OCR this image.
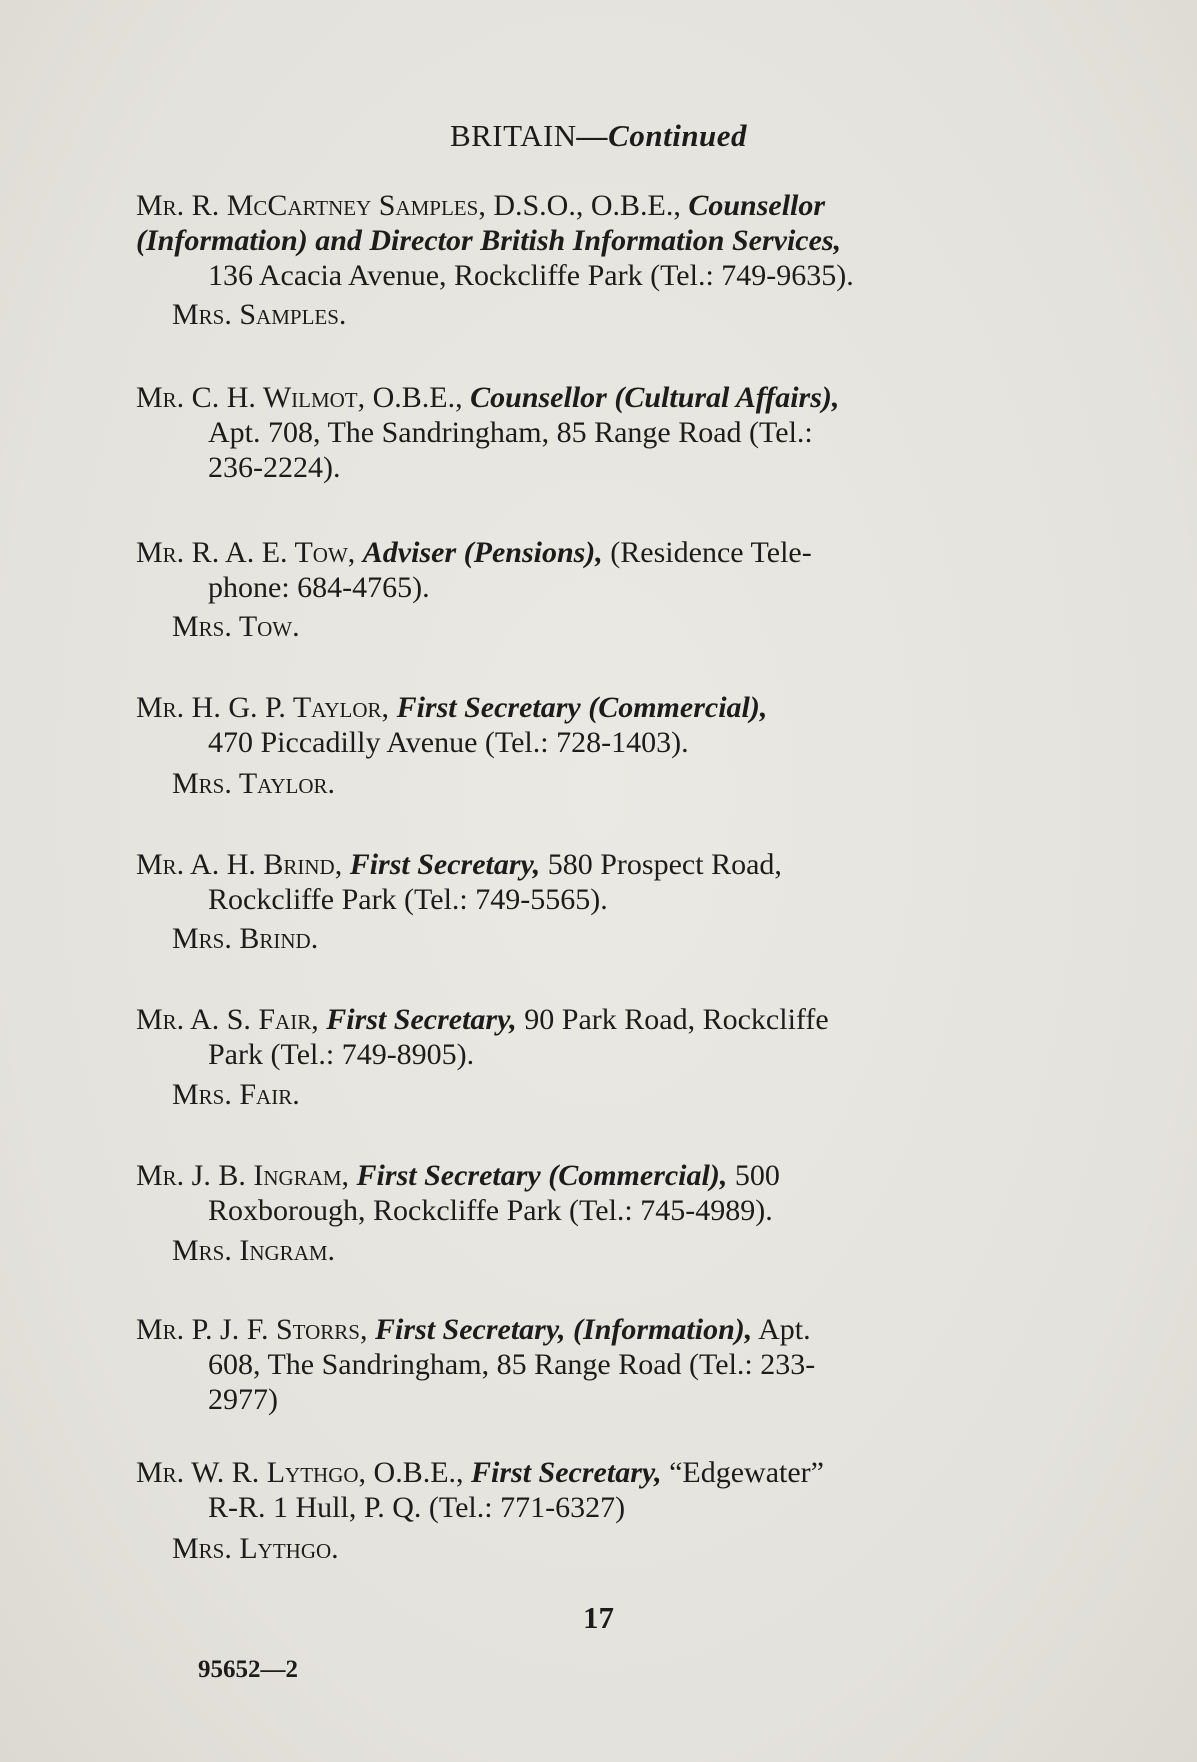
BRITAIN—Continued
Mr. R. McCartney Samples, D.S.O., O.B.E., Counsellor
(Information) and Director British Information Services,
136 Acacia Avenue, Rockcliffe Park (Tel.: 749-9635).
Mrs. Samples.
Mr. C. H. Wilmot, O.B.E., Counsellor (Cultural Affairs),
Apt. 708, The Sandringham, 85 Range Road (Tel.:
236-2224).
Mr. R. A. E. Tow, Adviser (Pensions), (Residence Tele-
phone: 684-4765).
Mrs. Tow.
Mr. H. G. P. Taylor, First Secretary (Commercial),
470 Piccadilly Avenue (Tel.: 728-1403).
Mrs. Taylor.
Mr. A. H. Brind, First Secretary, 580 Prospect Road,
Rockcliffe Park (Tel.: 749-5565).
Mrs. Brind.
Mr. A. S. Fair, First Secretary, 90 Park Road, Rockcliffe
Park (Tel.: 749-8905).
Mrs. Fair.
Mr. J. B. Ingram, First Secretary (Commercial), 500
Roxborough, Rockcliffe Park (Tel.: 745-4989).
Mrs. Ingram.
Mr. P. J. F. Storrs, First Secretary, (Information), Apt.
608, The Sandringham, 85 Range Road (Tel.: 233-
2977)
Mr. W. R. Lythgo, O.B.E., First Secretary, “Edgewater”
R-R. 1 Hull, P. Q. (Tel.: 771-6327)
Mrs. Lythgo.
17
95652—2
